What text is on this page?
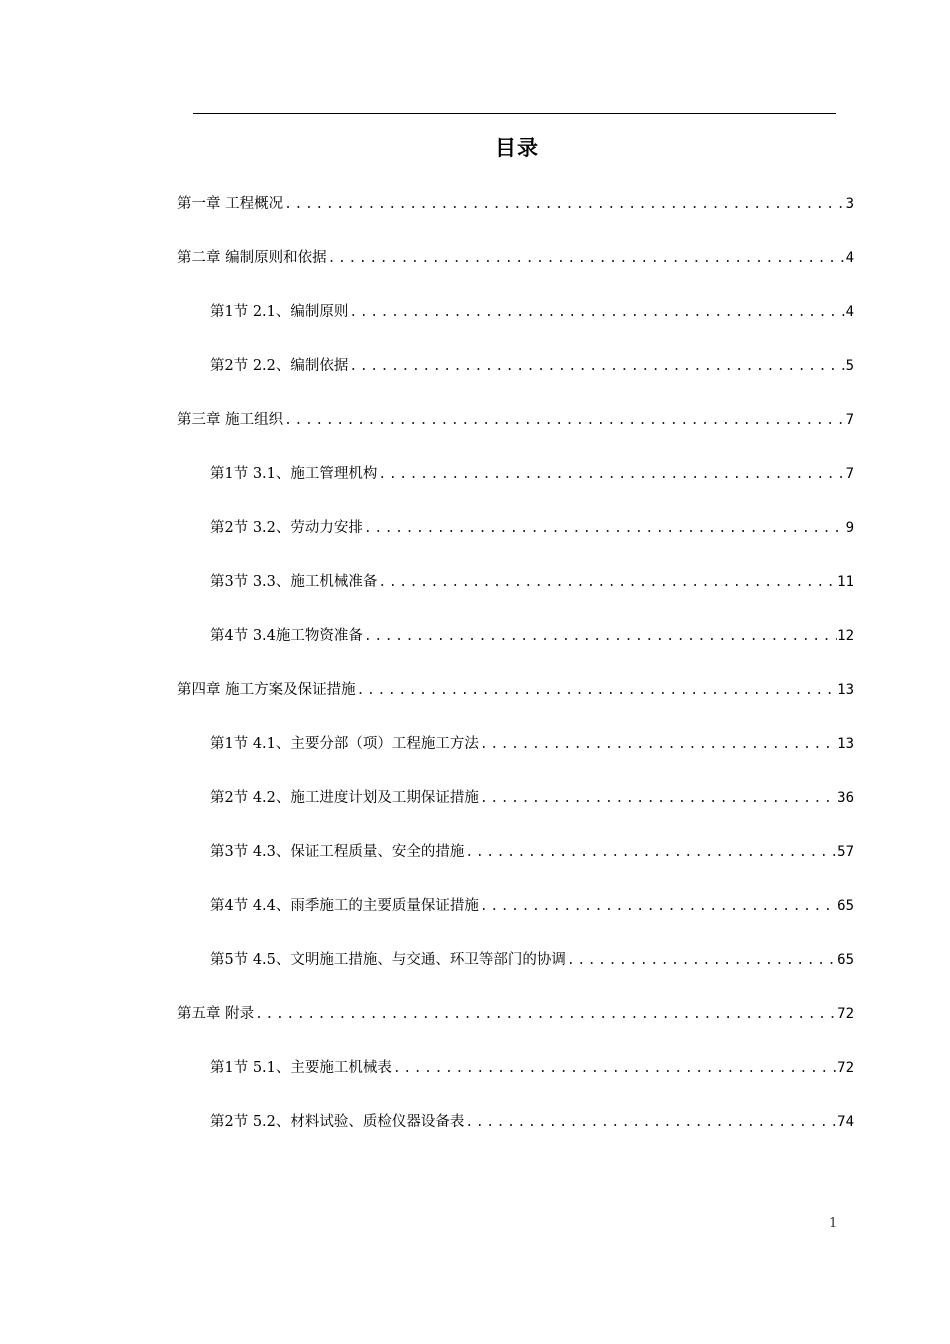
目录
第一章 工程概况 .....	3
第二章 编制原则和依据 .....	4
第1节 2.1、编制原则 .....	4
第2节 2.2、编制依据 .....	5
第三章 施工组织 .....	7
第1节 3.1、施工管理机构 .....	7
第2节 3.2、劳动力安排 .....	9
第3节 3.3、施工机械准备 .....	11
第4节 3.4施工物资准备 .....	12
第四章 施工方案及保证措施 .....	13
第1节 4.1、主要分部（项）工程施工方法 .....	13
第2节 4.2、施工进度计划及工期保证措施 .....	36
第3节 4.3、保证工程质量、安全的措施 .....	57
第4节 4.4、雨季施工的主要质量保证措施 .....	65
第5节 4.5、文明施工措施、与交通、环卫等部门的协调 .....	65
第五章 附录 .....	72
第1节 5.1、主要施工机械表 .....	72
第2节 5.2、材料试验、质检仪器设备表 .....	74
1
